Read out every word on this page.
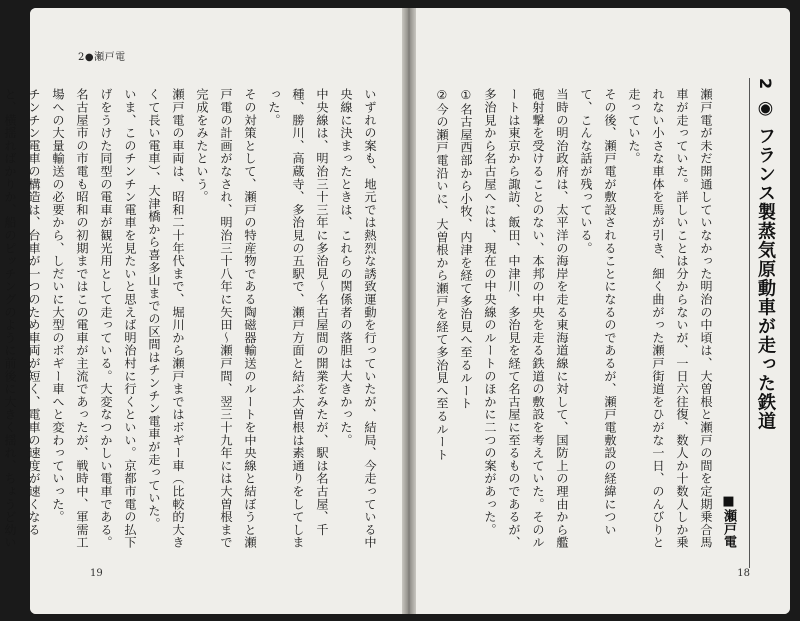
2●瀬戸電
いずれの案も、地元では熱烈な誘致運動を行っていたが、結局、今走っている中央線に決まったときは、これらの関係者の落胆は大きかった。
中央線は、明治三十三年に多治見～名古屋間の開業をみたが、駅は名古屋、千種、勝川、高蔵寺、多治見の五駅で、瀬戸方面と結ぶ大曽根は素通りをしてしまった。
その対策として、瀬戸の特産物である陶磁器輸送のルートを中央線と結ぼうと瀬戸電の計画がなされ、明治三十八年に矢田～瀬戸間、翌三十九年には大曽根まで完成をみたという。
瀬戸電の車両は、昭和二十年代まで、堀川から瀬戸まではボギー車（比較的大きくて長い電車）、大津橋から喜多山までの区間はチンチン電車が走っていた。
いま、このチンチン電車を見たいと思えば明治村に行くといい。京都市電の払下げをうけた同型の電車が観光用として走っている。大変なつかしい電車である。名古屋市の市電も昭和の初期まではこの電車が主流であったが、戦時中、軍需工場への大量輸送の必要から、しだいに大型のボギー車へと変わっていった。
チンチン電車の構造は、台車が一つのため車両が短く、電車の速度が速くなると、横揺ればかりか、船のピッチングのように前後に大きく揺れ、ちょうど幼い
19
2 ◉ フランス製蒸気原動車が走った鉄道
■瀬戸電
瀬戸電が未だ開通していなかった明治の中頃は、大曽根と瀬戸の間を定期乗合馬車が走っていた。詳しいことは分からないが、一日六往復、数人か十数人しか乗れない小さな車体を馬が引き、細く曲がった瀬戸街道をひがな一日、のんびりと走っていた。
その後、瀬戸電が敷設されることになるのであるが、瀬戸電敷設の経緯について、こんな話が残っている。
当時の明治政府は、太平洋の海岸を走る東海道線に対して、国防上の理由から艦砲射撃を受けることのない、本邦の中央を走る鉄道の敷設を考えていた。そのルートは東京から諏訪、飯田、中津川、多治見を経て名古屋に至るものであるが、多治見から名古屋へには、現在の中央線のルートのほかに二つの案があった。
①名古屋西部から小牧、内津を経て多治見へ至るルート
②今の瀬戸電沿いに、大曽根から瀬戸を経て多治見へ至るルート
18
